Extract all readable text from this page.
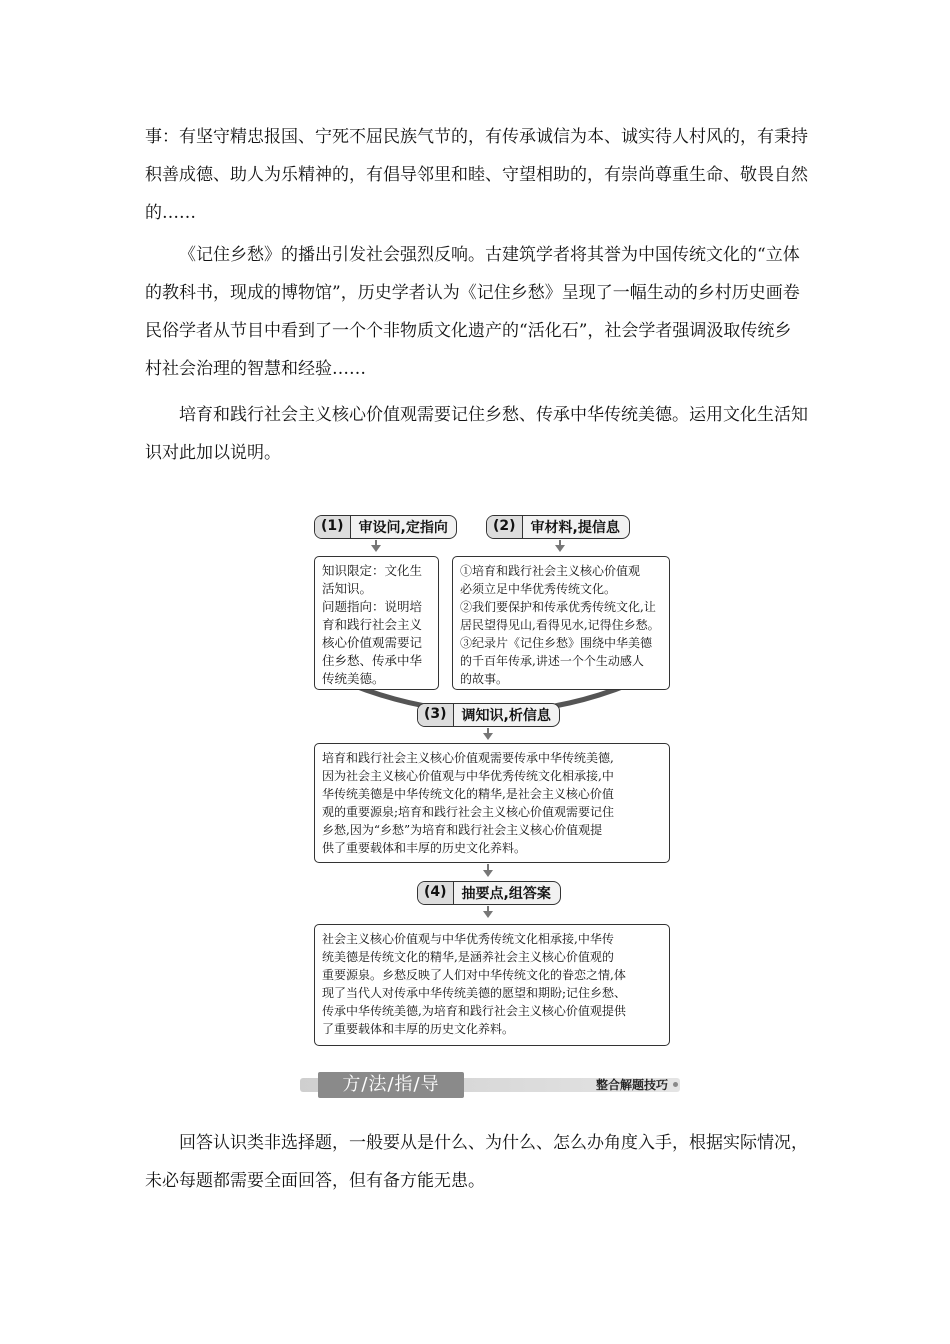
事：有坚守精忠报国、宁死不屈民族气节的，有传承诚信为本、诚实待人村风的，有秉持
积善成德、助人为乐精神的，有倡导邻里和睦、守望相助的，有崇尚尊重生命、敬畏自然
的……
《记住乡愁》的播出引发社会强烈反响。古建筑学者将其誉为中国传统文化的“立体
的教科书，现成的博物馆”，历史学者认为《记住乡愁》呈现了一幅生动的乡村历史画卷
民俗学者从节目中看到了一个个非物质文化遗产的“活化石”，社会学者强调汲取传统乡
村社会治理的智慧和经验……
培育和践行社会主义核心价值观需要记住乡愁、传承中华传统美德。运用文化生活知
识对此加以说明。
(1)	审设问,定指向	(2)	审材料,提信息
知识限定：文化生
活知识。
问题指向：说明培
育和践行社会主义
核心价值观需要记
住乡愁、传承中华
传统美德。
①培育和践行社会主义核心价值观
必须立足中华优秀传统文化。
②我们要保护和传承优秀传统文化,让
居民望得见山,看得见水,记得住乡愁。
③纪录片《记住乡愁》围绕中华美德
的千百年传承,讲述一个个生动感人
的故事。
(3)	调知识,析信息
培育和践行社会主义核心价值观需要传承中华传统美德,
因为社会主义核心价值观与中华优秀传统文化相承接,中
华传统美德是中华传统文化的精华,是社会主义核心价值
观的重要源泉;培育和践行社会主义核心价值观需要记住
乡愁,因为“乡愁”为培育和践行社会主义核心价值观提
供了重要载体和丰厚的历史文化养料。
(4)	抽要点,组答案
社会主义核心价值观与中华优秀传统文化相承接,中华传
统美德是传统文化的精华,是涵养社会主义核心价值观的
重要源泉。乡愁反映了人们对中华传统文化的眷恋之情,体
现了当代人对传承中华传统美德的愿望和期盼;记住乡愁、
传承中华传统美德,为培育和践行社会主义核心价值观提供
了重要载体和丰厚的历史文化养料。
方/法/指/导	整合解题技巧
回答认识类非选择题，一般要从是什么、为什么、怎么办角度入手，根据实际情况，
未必每题都需要全面回答，但有备方能无患。
